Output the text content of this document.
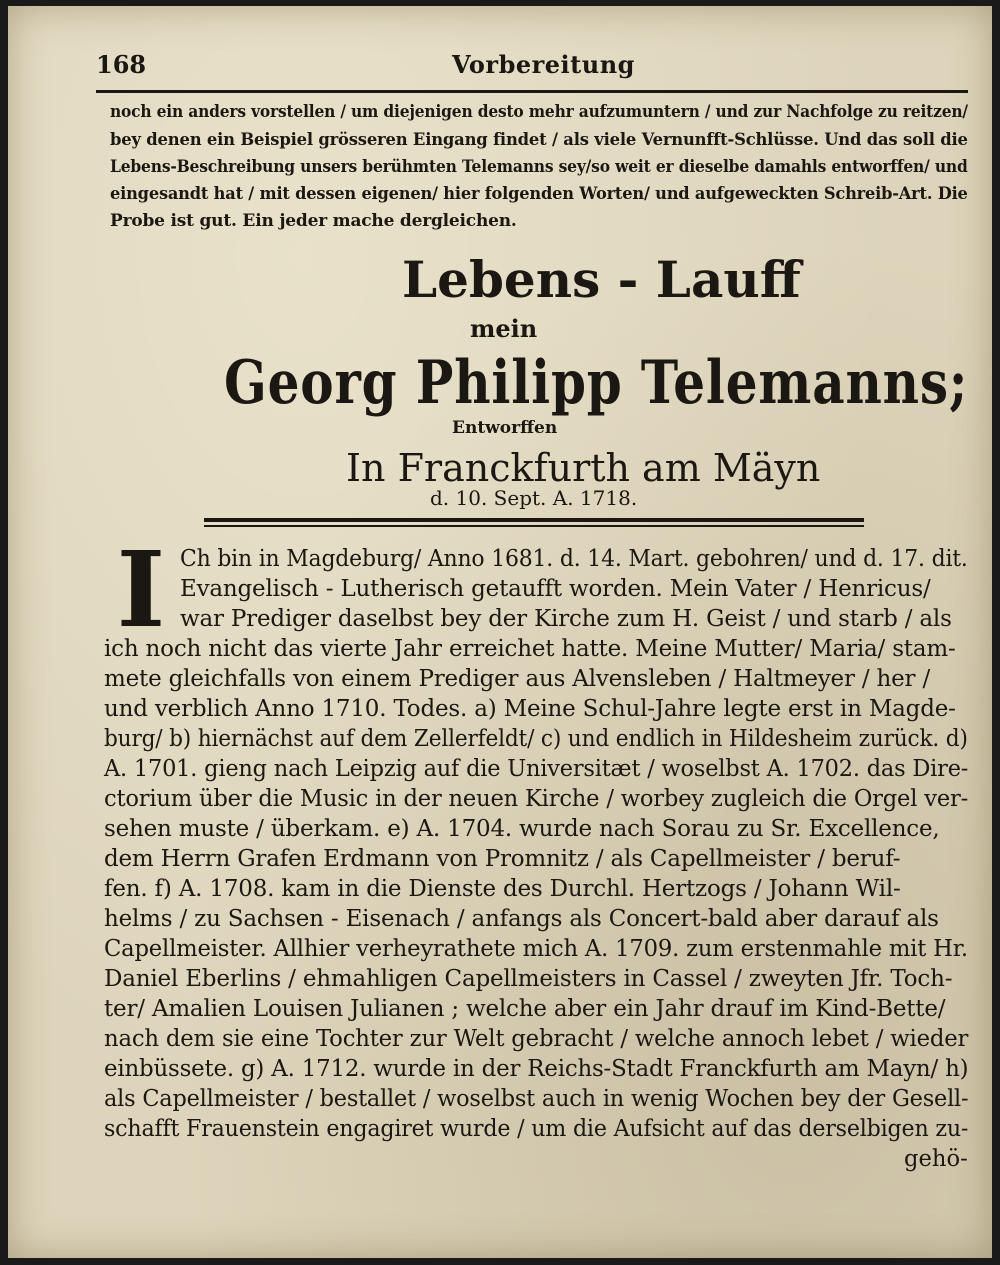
168	Vorbereitung
noch ein anders vorstellen / um diejenigen desto mehr aufzumuntern / und zur Nachfolge zu reitzen/
bey denen ein Beispiel grösseren Eingang findet / als viele Vernunfft-Schlüsse. Und das soll die
Lebens-Beschreibung unsers berühmten Telemanns sey/so weit er dieselbe damahls entworffen/ und
eingesandt hat / mit dessen eigenen/ hier folgenden Worten/ und aufgeweckten Schreib-Art. Die
Probe ist gut. Ein jeder mache dergleichen.
Lebens - Lauff
mein
Georg Philipp Telemanns;
Entworffen
In Franckfurth am Mäyn
d. 10. Sept. A. 1718.
I Ch bin in Magdeburg/ Anno 1681. d. 14. Mart. gebohren/ und d. 17. dit.
Evangelisch - Lutherisch getaufft worden. Mein Vater / Henricus/
war Prediger daselbst bey der Kirche zum H. Geist / und starb / als
ich noch nicht das vierte Jahr erreichet hatte. Meine Mutter/ Maria/ stam-
mete gleichfalls von einem Prediger aus Alvensleben / Haltmeyer / her /
und verblich Anno 1710. Todes. a) Meine Schul-Jahre legte erst in Magde-
burg/ b) hiernächst auf dem Zellerfeldt/ c) und endlich in Hildesheim zurück. d)
A. 1701. gieng nach Leipzig auf die Universitæt / woselbst A. 1702. das Dire-
ctorium über die Music in der neuen Kirche / worbey zugleich die Orgel ver-
sehen muste / überkam. e) A. 1704. wurde nach Sorau zu Sr. Excellence,
dem Herrn Grafen Erdmann von Promnitz / als Capellmeister / beruf-
fen. f) A. 1708. kam in die Dienste des Durchl. Hertzogs / Johann Wil-
helms / zu Sachsen - Eisenach / anfangs als Concert-bald aber darauf als
Capellmeister. Allhier verheyrathete mich A. 1709. zum erstenmahle mit Hr.
Daniel Eberlins / ehmahligen Capellmeisters in Cassel / zweyten Jfr. Toch-
ter/ Amalien Louisen Julianen ; welche aber ein Jahr drauf im Kind-Bette/
nach dem sie eine Tochter zur Welt gebracht / welche annoch lebet / wieder
einbüssete. g) A. 1712. wurde in der Reichs-Stadt Franckfurth am Mayn/ h)
als Capellmeister / bestallet / woselbst auch in wenig Wochen bey der Gesell-
schafft Frauenstein engagiret wurde / um die Aufsicht auf das derselbigen zu-
gehö-
